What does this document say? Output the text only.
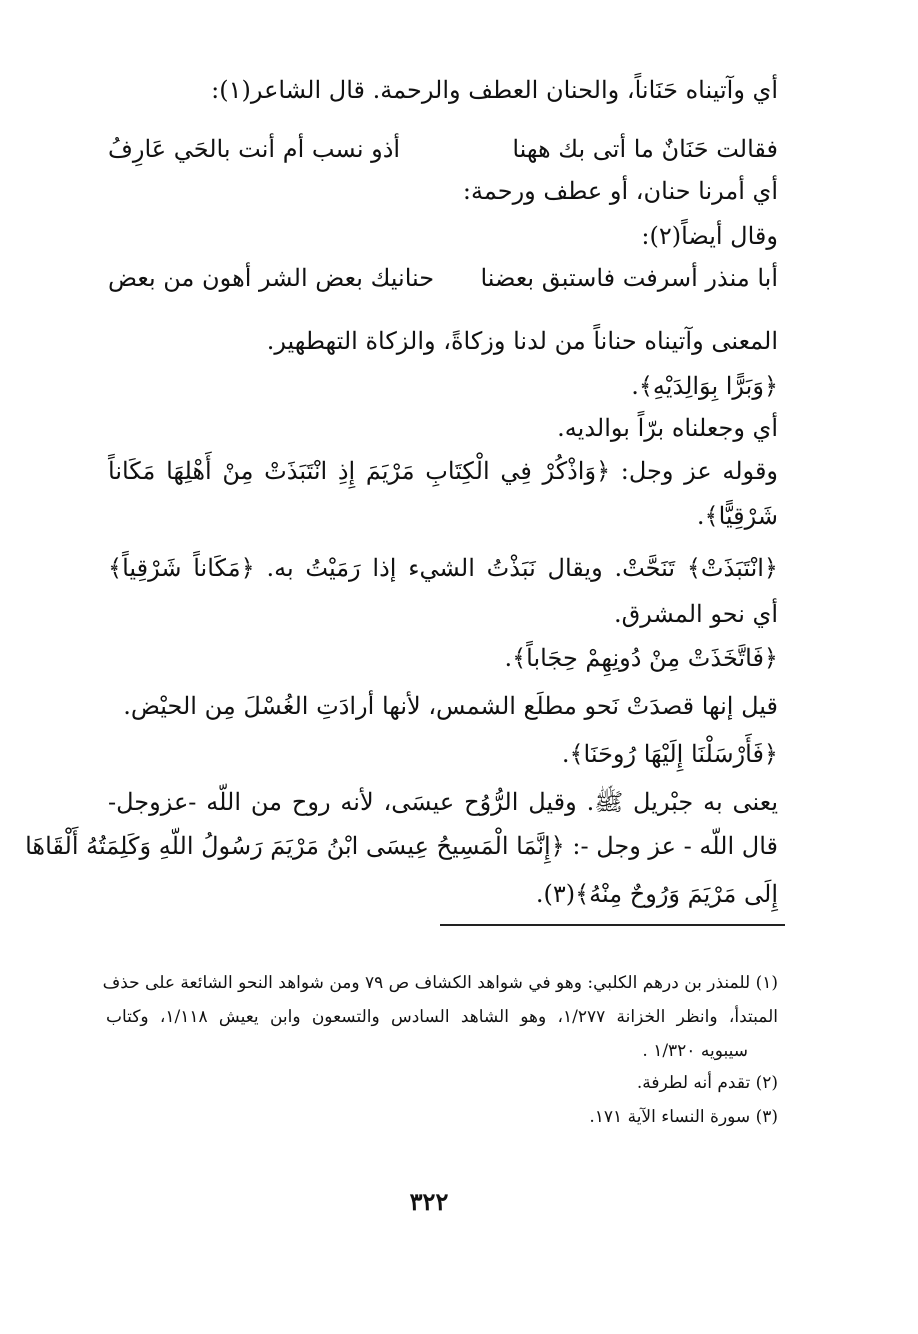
أي وآتيناه حَنَاناً، والحنان العطف والرحمة. قال الشاعر(١):
فقالت حَنَانٌ ما أتى بك ههنا
أذو نسب أم أنت بالحَي عَارِفُ
أي أمرنا حنان، أو عطف ورحمة:
وقال أيضاً(٢):
أبا منذر أسرفت فاستبق بعضنا
حنانيك بعض الشر أهون من بعض
المعنى وآتيناه حناناً من لدنا وزكاةً، والزكاة التهطهير.
﴿وَبَرًّا بِوَالِدَيْهِ﴾.
أي وجعلناه برّاً بوالديه.
وقوله عز وجل: ﴿وَاذْكُرْ فِي الْكِتَابِ مَرْيَمَ إِذِ انْتَبَذَتْ مِنْ أَهْلِهَا مَكَاناً
شَرْقِيًّا﴾.
﴿انْتَبَذَتْ﴾ تَنَحَّتْ. ويقال نَبَذْتُ الشيء إذا رَمَيْتُ به. ﴿مَكَاناً شَرْقِياً﴾
أي نحو المشرق.
﴿فَاتَّخَذَتْ مِنْ دُونِهِمْ حِجَاباً﴾.
قيل إنها قصدَتْ نَحو مطلَع الشمس، لأنها أرادَتِ الغُسْلَ مِن الحيْض.
﴿فَأَرْسَلْنَا إِلَيْهَا رُوحَنَا﴾.
يعنى به جبْريل ﷺ. وقيل الرُّوُح عيسَى، لأنه روح من اللّه -عزوجل-
قال اللّه - عز وجل -: ﴿إِنَّمَا الْمَسِيحُ عِيسَى ابْنُ مَرْيَمَ رَسُولُ اللّهِ وَكَلِمَتُهُ أَلْقَاهَا
إِلَى مَرْيَمَ وَرُوحٌ مِنْهُ﴾(٣).
(١) للمنذر بن درهم الكلبي: وهو في شواهد الكشاف ص ٧٩ ومن شواهد النحو الشائعة على حذف
المبتدأ، وانظر الخزانة ١/٢٧٧، وهو الشاهد السادس والتسعون وابن يعيش ١/١١٨، وكتاب
سيبويه ١/٣٢٠ .
(٢) تقدم أنه لطرفة.
(٣) سورة النساء الآية ١٧١.
٣٢٢
